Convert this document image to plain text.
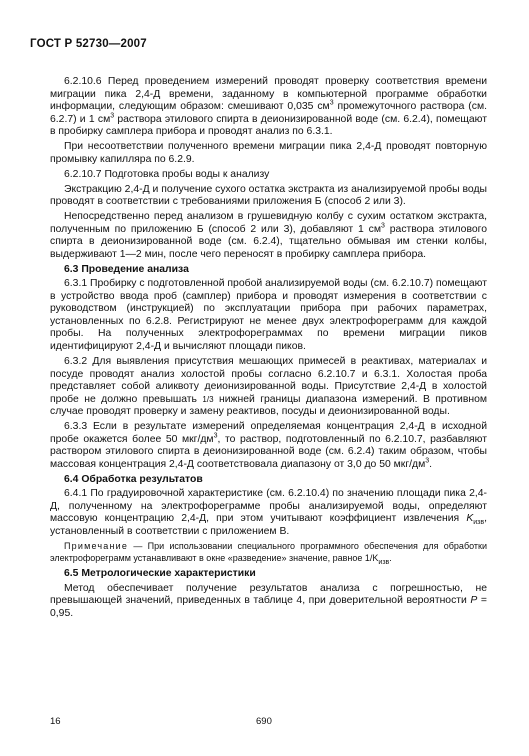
ГОСТ Р 52730—2007

6.2.10.6 Перед проведением измерений проводят проверку соответствия времени миграции пика 2,4-Д времени, заданному в компьютерной программе обработки информации, следующим образом: смешивают 0,035 $см^3$ промежуточного раствора (см. 6.2.7) и 1 $см^3$ раствора этилового спирта в деионизированной воде (см. 6.2.4), помещают в пробирку самплера прибора и проводят анализ по 6.3.1.

При несоответствии полученного времени миграции пика 2,4-Д проводят повторную промывку капилляра по 6.2.9.

6.2.10.7 Подготовка пробы воды к анализу

Экстракцию 2,4-Д и получение сухого остатка экстракта из анализируемой пробы воды проводят в соответствии с требованиями приложения Б (способ 2 или 3).

Непосредственно перед анализом в грушевидную колбу с сухим остатком экстракта, полученным по приложению Б (способ 2 или 3), добавляют 1 $см^3$ раствора этилового спирта в деионизированной воде (см. 6.2.4), тщательно обмывая им стенки колбы, выдерживают 1—2 мин, после чего переносят в пробирку самплера прибора.

6.3 Проведение анализа

6.3.1 Пробирку с подготовленной пробой анализируемой воды (см. 6.2.10.7) помещают в устройство ввода проб (самплер) прибора и проводят измерения в соответствии с руководством (инструкцией) по эксплуатации прибора при рабочих параметрах, установленных по 6.2.8. Регистрируют не менее двух электрофореграмм для каждой пробы. На полученных электрофореграммах по времени миграции пиков идентифицируют 2,4-Д и вычисляют площади пиков.

6.3.2 Для выявления присутствия мешающих примесей в реактивах, материалах и посуде проводят анализ холостой пробы согласно 6.2.10.7 и 6.3.1. Холостая проба представляет собой аликвоту деионизированной воды. Присутствие 2,4-Д в холостой пробе не должно превышать 1/3 нижней границы диапазона измерений. В противном случае проводят проверку и замену реактивов, посуды и деионизированной воды.

6.3.3 Если в результате измерений определяемая концентрация 2,4-Д в исходной пробе окажется более 50 мкг/$дм^3$, то раствор, подготовленный по 6.2.10.7, разбавляют раствором этилового спирта в деионизированной воде (см. 6.2.4) таким образом, чтобы массовая концентрация 2,4-Д соответствовала диапазону от 3,0 до 50 мкг/$дм^3$.

6.4 Обработка результатов

6.4.1 По градуировочной характеристике (см. 6.2.10.4) по значению площади пика 2,4-Д, полученному на электрофореграмме пробы анализируемой воды, определяют массовую концентрацию 2,4-Д, при этом учитывают коэффициент извлечения $K_{изв}$, установленный в соответствии с приложением В.

Примечание — При использовании специального программного обеспечения для обработки электрофореграмм устанавливают в окне «разведение» значение, равное $1/K_{изв}$.

6.5 Метрологические характеристики

Метод обеспечивает получение результатов анализа с погрешностью, не превышающей значений, приведенных в таблице 4, при доверительной вероятности P = 0,95.

16	690
